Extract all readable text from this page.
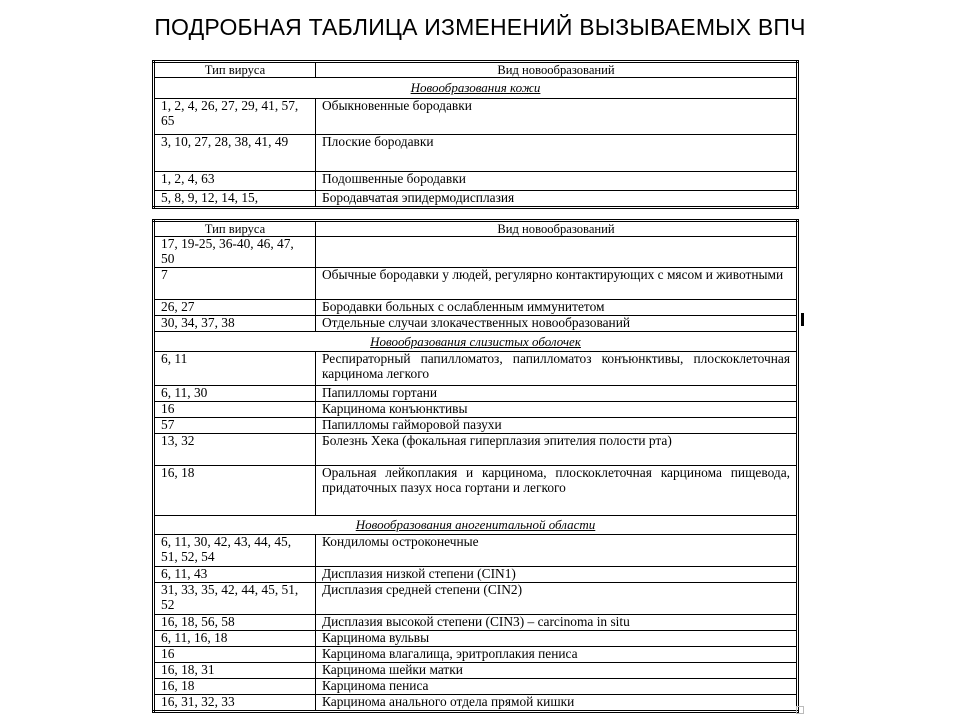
ПОДРОБНАЯ ТАБЛИЦА ИЗМЕНЕНИЙ ВЫЗЫВАЕМЫХ ВПЧ
Тип вируса	Вид новообразований
Новообразования кожи	
1, 2, 4, 26, 27, 29, 41, 57, 65	Обыкновенные бородавки
3, 10, 27, 28, 38, 41, 49	Плоские бородавки
1, 2, 4, 63	Подошвенные бородавки
5, 8, 9, 12, 14, 15,	Бородавчатая эпидермодисплазия
Тип вируса	Вид новообразований
17, 19-25, 36-40, 46, 47, 50	
7	Обычные бородавки у людей, регулярно контактирующих с мясом и животными
26, 27	Бородавки больных с ослабленным иммунитетом
30, 34, 37, 38	Отдельные случаи злокачественных новообразований
Новообразования слизистых оболочек	
6, 11	Респираторный папилломатоз, папилломатоз конъюнктивы, плоскоклеточная карцинома легкого
6, 11, 30	Папилломы гортани
16	Карцинома конъюнктивы
57	Папилломы гайморовой пазухи
13, 32	Болезнь Хека (фокальная гиперплазия эпителия полости рта)
16, 18	Оральная лейкоплакия и карцинома, плоскоклеточная карцинома пищевода, придаточных пазух носа гортани и легкого
Новообразования аногенитальной области	
6, 11, 30, 42, 43, 44, 45, 51, 52, 54	Кондиломы остроконечные
6, 11, 43	Дисплазия низкой степени (CIN1)
31, 33, 35, 42, 44, 45, 51, 52	Дисплазия средней степени (CIN2)
16, 18, 56, 58	Дисплазия высокой степени (CIN3) – carcinoma in situ
6, 11, 16, 18	Карцинома вульвы
16	Карцинома влагалища, эритроплакия пениса
16, 18, 31	Карцинома шейки матки
16, 18	Карцинома пениса
16, 31, 32, 33	Карцинома анального отдела прямой кишки
